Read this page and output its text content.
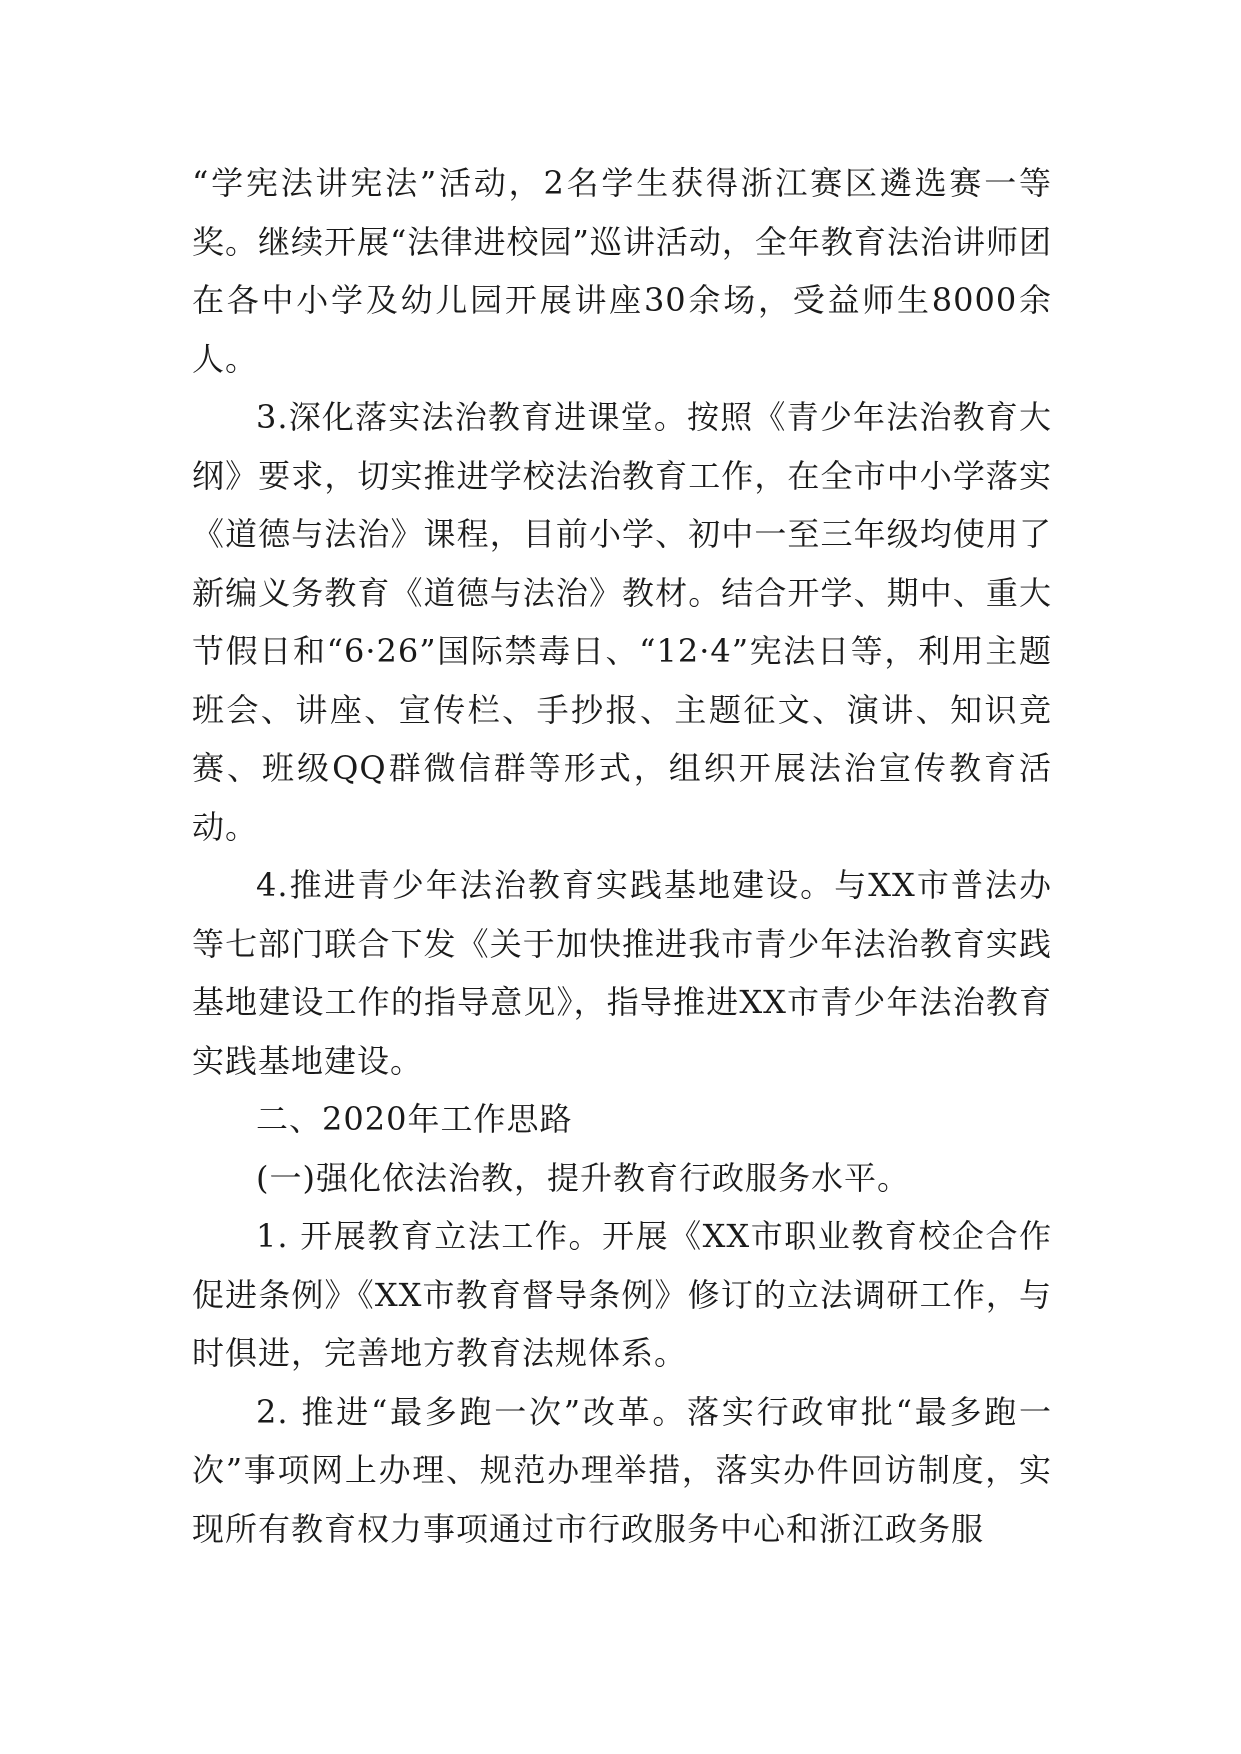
“学宪法讲宪法”活动，2名学生获得浙江赛区遴选赛一等奖。继续开展“法律进校园”巡讲活动，全年教育法治讲师团在各中小学及幼儿园开展讲座30余场，受益师生8000余人。

3.深化落实法治教育进课堂。按照《青少年法治教育大纲》要求，切实推进学校法治教育工作，在全市中小学落实《道德与法治》课程，目前小学、初中一至三年级均使用了新编义务教育《道德与法治》教材。结合开学、期中、重大节假日和“6·26”国际禁毒日、“12·4”宪法日等，利用主题班会、讲座、宣传栏、手抄报、主题征文、演讲、知识竞赛、班级QQ群微信群等形式，组织开展法治宣传教育活动。

4.推进青少年法治教育实践基地建设。与XX市普法办等七部门联合下发《关于加快推进我市青少年法治教育实践基地建设工作的指导意见》，指导推进XX市青少年法治教育实践基地建设。

二、2020年工作思路

(一)强化依法治教，提升教育行政服务水平。

1. 开展教育立法工作。开展《XX市职业教育校企合作促进条例》《XX市教育督导条例》修订的立法调研工作，与时俱进，完善地方教育法规体系。

2. 推进“最多跑一次”改革。落实行政审批“最多跑一次”事项网上办理、规范办理举措，落实办件回访制度，实现所有教育权力事项通过市行政服务中心和浙江政务服
